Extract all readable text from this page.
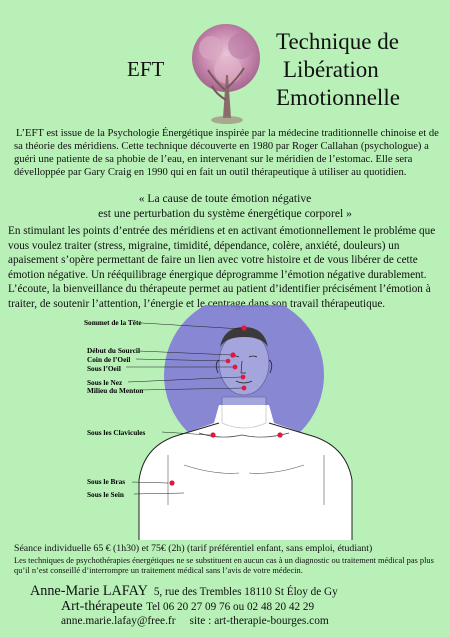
EFT
Technique de
Libération
Emotionnelle

L’EFT est issue de la Psychologie Énergétique inspirée par la médecine traditionnelle chinoise et de sa théorie des méridiens. Cette technique découverte en 1980 par Roger Callahan (psychologue) a guéri une patiente de sa phobie de l’eau, en intervenant sur le méridien de l’estomac. Elle sera dévelloppée par Gary Craig en 1990 qui en fait un outil thérapeutique à utiliser au quotidien.

« La cause de toute émotion négative
est une perturbation du système énergétique corporel »

En stimulant les points d’entrée des méridiens et en activant émotionnellement le probléme que vous voulez traiter (stress, migraine, timidité, dépendance, colère, anxiété, douleurs) un apaisement s’opère permettant de faire un lien avec votre histoire et de vous libérer de cette émotion négative. Un rééquilibrage énergique déprogramme l’émotion négative durablement. L’écoute, la bienveillance du thérapeute permet au patient d’identifier précisément l’émotion à traiter, de soutenir l’attention, l’énergie et le centrage dans son travail thérapeutique.

Sommet de la Tête
Début du Sourcil
Coin de l’Oeil
Sous l’Oeil
Sous le Nez
Milieu du Menton
Sous les Clavicules
Sous le Bras
Sous le Sein
Séance individuelle 65 € (1h30) et 75€ (2h) (tarif préférentiel enfant, sans emploi, étudiant)
Les techniques de psychothérapies énergétiques ne se substituent en aucun cas à un diagnostic ou traitement médical pas plus qu’il n’est conseillé d’interrompre un traitement médical sans l’avis de votre médecin.
Anne-Marie LAFAY 5, rue des Trembles 18110 St Éloy de Gy
Art-thérapeute Tel 06 20 27 09 76 ou 02 48 20 42 29
anne.marie.lafay@free.fr site : art-therapie-bourges.com
